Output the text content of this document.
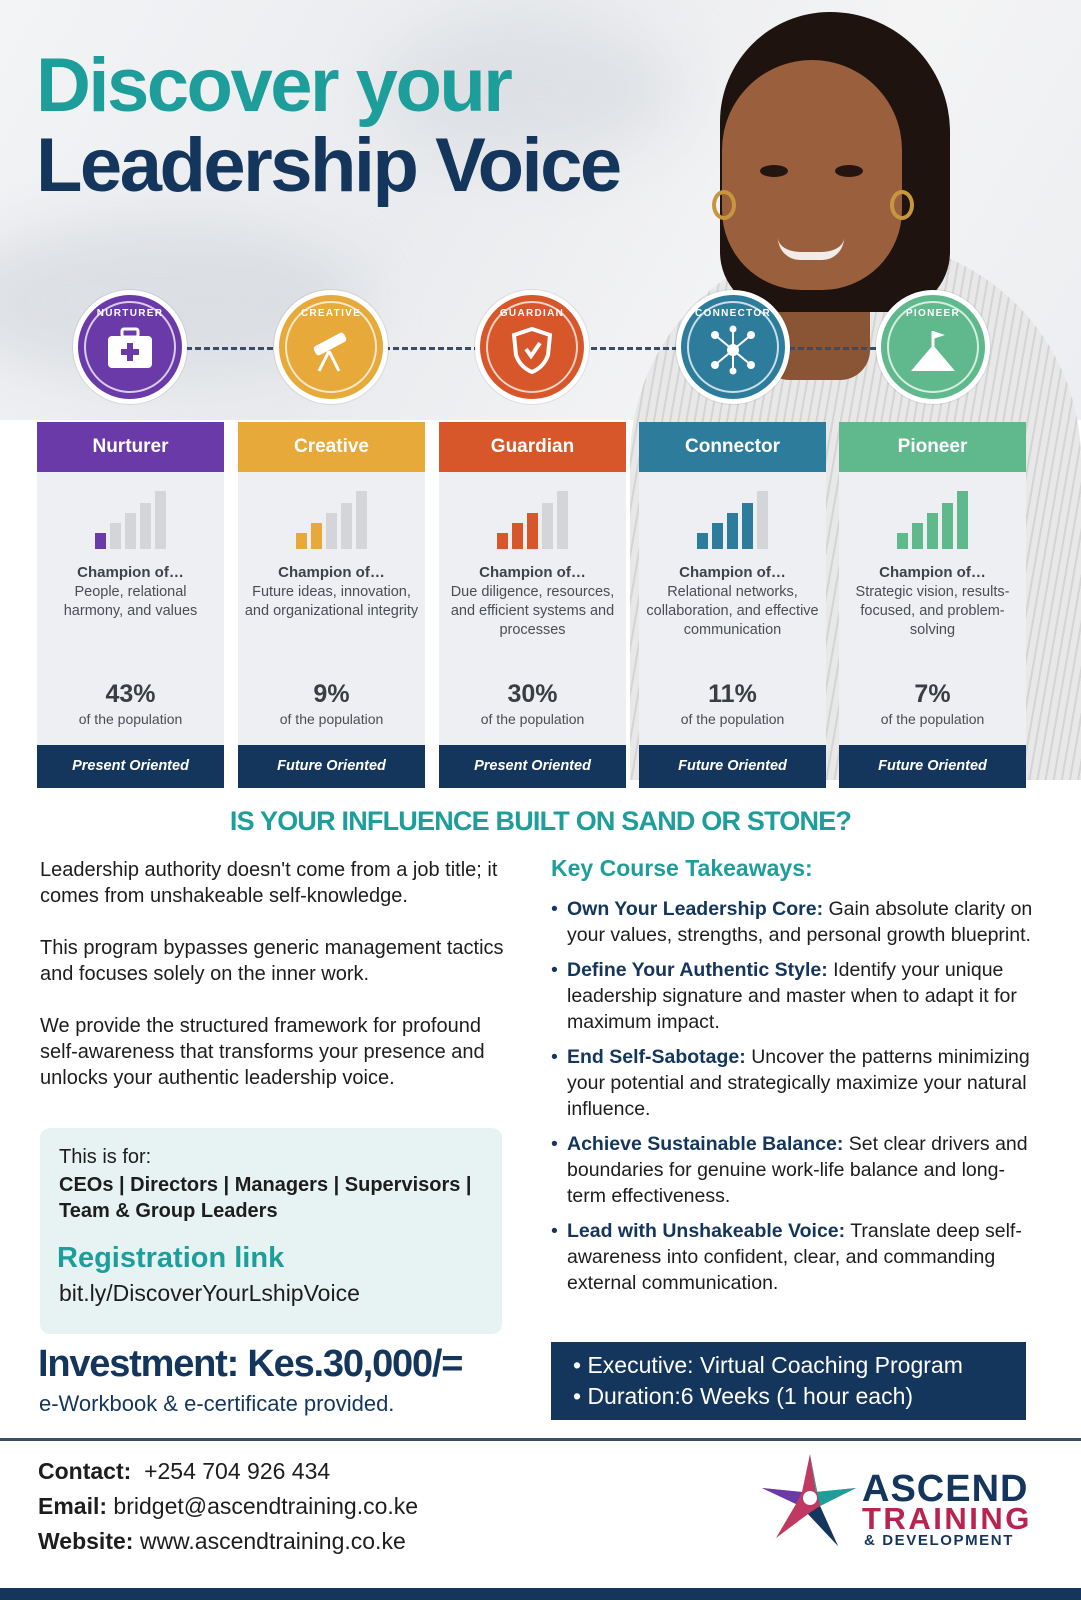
Discover your
Leadership Voice
NURTURER	CREATIVE	GUARDIAN	CONNECTOR	PIONEER
Nurturer
Champion of…
People, relational harmony, and values
43%
of the population
Present Oriented
Creative
Champion of…
Future ideas, innovation, and organizational integrity
9%
of the population
Future Oriented
Guardian
Champion of…
Due diligence, resources, and efficient systems and processes
30%
of the population
Present Oriented
Connector
Champion of…
Relational networks, collaboration, and effective communication
11%
of the population
Future Oriented
Pioneer
Champion of…
Strategic vision, results-focused, and problem-solving
7%
of the population
Future Oriented
IS YOUR INFLUENCE BUILT ON SAND OR STONE?

Leadership authority doesn't come from a job title; it comes from unshakeable self-knowledge.

This program bypasses generic management tactics and focuses solely on the inner work.

We provide the structured framework for profound self-awareness that transforms your presence and unlocks your authentic leadership voice.

This is for:
CEOs | Directors | Managers | Supervisors | Team & Group Leaders
Registration link
bit.ly/DiscoverYourLshipVoice
Investment: Kes.30,000/=
e-Workbook & e-certificate provided.
Key Course Takeaways:
• Own Your Leadership Core: Gain absolute clarity on your values, strengths, and personal growth blueprint.
• Define Your Authentic Style: Identify your unique leadership signature and master when to adapt it for maximum impact.
• End Self-Sabotage: Uncover the patterns minimizing your potential and strategically maximize your natural influence.
• Achieve Sustainable Balance: Set clear drivers and boundaries for genuine work-life balance and long-term effectiveness.
• Lead with Unshakeable Voice: Translate deep self-awareness into confident, clear, and commanding external communication.
• Executive: Virtual Coaching Program
• Duration:6 Weeks (1 hour each)
Contact: +254 704 926 434
Email: bridget@ascendtraining.co.ke
Website: www.ascendtraining.co.ke
ASCEND
TRAINING
& DEVELOPMENT
